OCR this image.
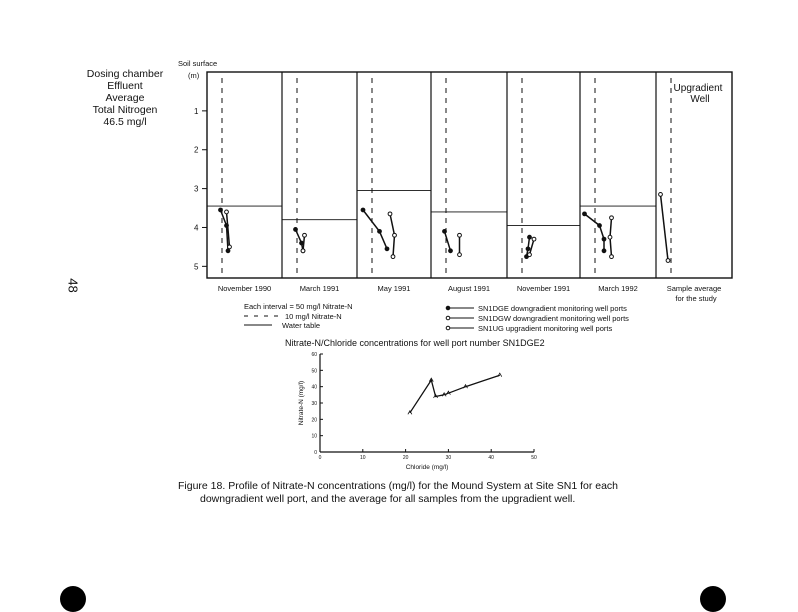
48
Dosing chamber
Effluent
Average
Total Nitrogen
46.5 mg/l
Soil surface
(m)
1
2
3
4
5
November 1990	March 1991	May 1991	August 1991	November 1991	March 1992
Upgradient
Well
Sample average
for the study
Each interval = 50 mg/l Nitrate-N
10 mg/l Nitrate-N
Water table
SN1DGE downgradient monitoring well ports
SN1DGW downgradient monitoring well ports
SN1UG upgradient monitoring well ports
Nitrate-N/Chloride concentrations for well port number SN1DGE2
0
10
20
30
40
50
60
0	10	20	30	40	50
Chloride (mg/l)
Nitrate-N (mg/l)
Figure 18. Profile of Nitrate-N concentrations (mg/l) for the Mound System at Site SN1 for each
downgradient well port, and the average for all samples from the upgradient well.
